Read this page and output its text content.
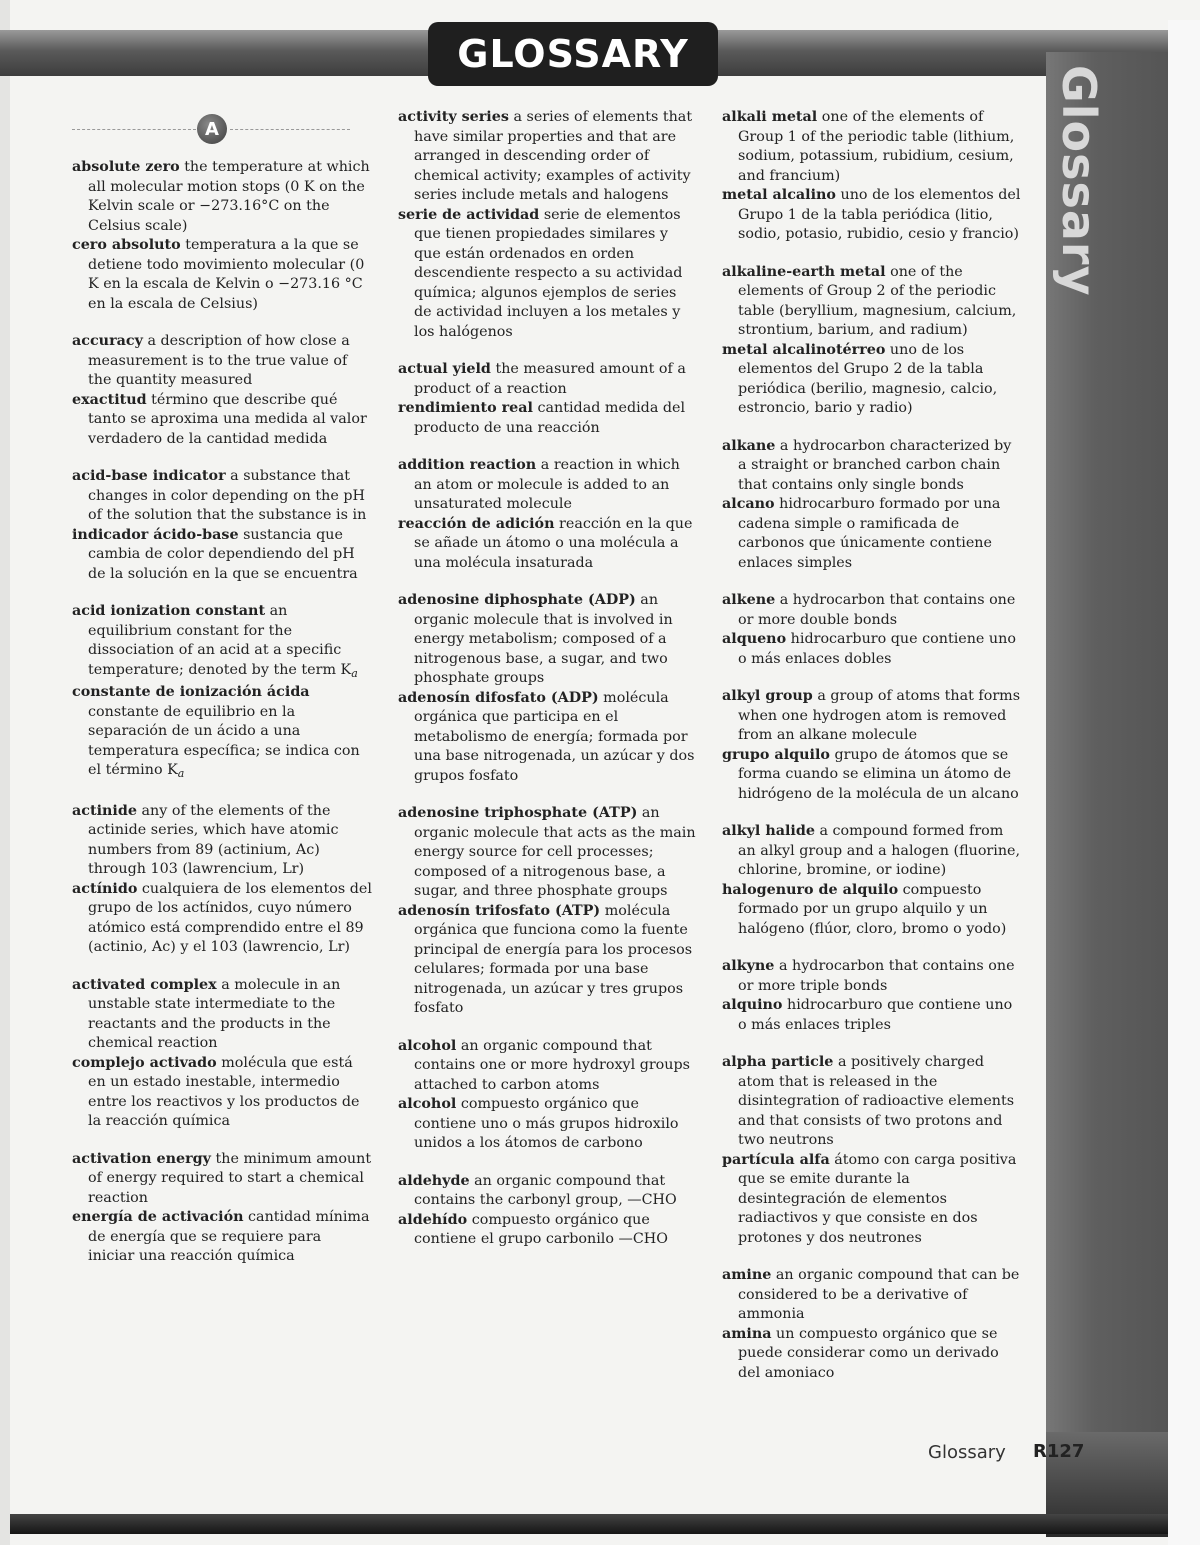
GLOSSARY
Glossary
A

absolute zero the temperature at which all molecular motion stops (0 K on the Kelvin scale or −273.16°C on the Celsius scale)

cero absoluto temperatura a la que se detiene todo movimiento molecular (0 K en la escala de Kelvin o −273.16 °C en la escala de Celsius)

accuracy a description of how close a measurement is to the true value of the quantity measured

exactitud término que describe qué tanto se aproxima una medida al valor verdadero de la cantidad medida

acid-base indicator a substance that changes in color depending on the pH of the solution that the substance is in

indicador ácido-base sustancia que cambia de color dependiendo del pH de la solución en la que se encuentra

acid ionization constant an equilibrium constant for the dissociation of an acid at a specific temperature; denoted by the term $K_a$

constante de ionización ácida constante de equilibrio en la separación de un ácido a una temperatura específica; se indica con el término $K_a$

actinide any of the elements of the actinide series, which have atomic numbers from 89 (actinium, Ac) through 103 (lawrencium, Lr)

actínido cualquiera de los elementos del grupo de los actínidos, cuyo número atómico está comprendido entre el 89 (actinio, Ac) y el 103 (lawrencio, Lr)

activated complex a molecule in an unstable state intermediate to the reactants and the products in the chemical reaction

complejo activado molécula que está en un estado inestable, intermedio entre los reactivos y los productos de la reacción química

activation energy the minimum amount of energy required to start a chemical reaction

energía de activación cantidad mínima de energía que se requiere para iniciar una reacción química

activity series a series of elements that have similar properties and that are arranged in descending order of chemical activity; examples of activity series include metals and halogens

serie de actividad serie de elementos que tienen propiedades similares y que están ordenados en orden descendiente respecto a su actividad química; algunos ejemplos de series de actividad incluyen a los metales y los halógenos

actual yield the measured amount of a product of a reaction

rendimiento real cantidad medida del producto de una reacción

addition reaction a reaction in which an atom or molecule is added to an unsaturated molecule

reacción de adición reacción en la que se añade un átomo o una molécula a una molécula insaturada

adenosine diphosphate (ADP) an organic molecule that is involved in energy metabolism; composed of a nitrogenous base, a sugar, and two phosphate groups

adenosín difosfato (ADP) molécula orgánica que participa en el metabolismo de energía; formada por una base nitrogenada, un azúcar y dos grupos fosfato

adenosine triphosphate (ATP) an organic molecule that acts as the main energy source for cell processes; composed of a nitrogenous base, a sugar, and three phosphate groups

adenosín trifosfato (ATP) molécula orgánica que funciona como la fuente principal de energía para los procesos celulares; formada por una base nitrogenada, un azúcar y tres grupos fosfato

alcohol an organic compound that contains one or more hydroxyl groups attached to carbon atoms

alcohol compuesto orgánico que contiene uno o más grupos hidroxilo unidos a los átomos de carbono

aldehyde an organic compound that contains the carbonyl group, —CHO

aldehído compuesto orgánico que contiene el grupo carbonilo —CHO

alkali metal one of the elements of Group 1 of the periodic table (lithium, sodium, potassium, rubidium, cesium, and francium)

metal alcalino uno de los elementos del Grupo 1 de la tabla periódica (litio, sodio, potasio, rubidio, cesio y francio)

alkaline-earth metal one of the elements of Group 2 of the periodic table (beryllium, magnesium, calcium, strontium, barium, and radium)

metal alcalinotérreo uno de los elementos del Grupo 2 de la tabla periódica (berilio, magnesio, calcio, estroncio, bario y radio)

alkane a hydrocarbon characterized by a straight or branched carbon chain that contains only single bonds

alcano hidrocarburo formado por una cadena simple o ramificada de carbonos que únicamente contiene enlaces simples

alkene a hydrocarbon that contains one or more double bonds

alqueno hidrocarburo que contiene uno o más enlaces dobles

alkyl group a group of atoms that forms when one hydrogen atom is removed from an alkane molecule

grupo alquilo grupo de átomos que se forma cuando se elimina un átomo de hidrógeno de la molécula de un alcano

alkyl halide a compound formed from an alkyl group and a halogen (fluorine, chlorine, bromine, or iodine)

halogenuro de alquilo compuesto formado por un grupo alquilo y un halógeno (flúor, cloro, bromo o yodo)

alkyne a hydrocarbon that contains one or more triple bonds

alquino hidrocarburo que contiene uno o más enlaces triples

alpha particle a positively charged atom that is released in the disintegration of radioactive elements and that consists of two protons and two neutrons

partícula alfa átomo con carga positiva que se emite durante la desintegración de elementos radiactivos y que consiste en dos protones y dos neutrones

amine an organic compound that can be considered to be a derivative of ammonia

amina un compuesto orgánico que se puede considerar como un derivado del amoniaco

Glossary R127
